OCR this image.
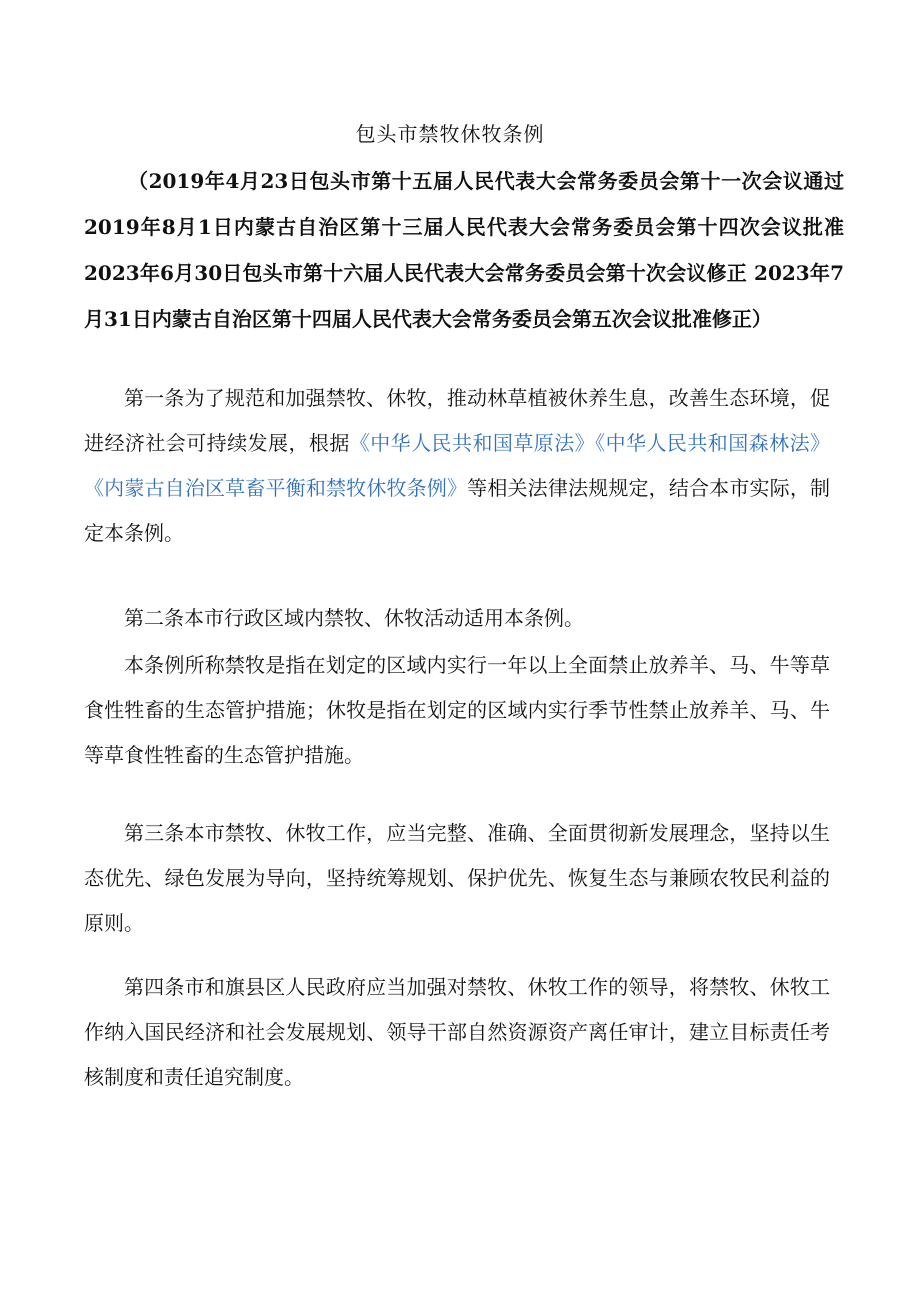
包头市禁牧休牧条例
（2019年4月23日包头市第十五届人民代表大会常务委员会第十一次会议通过 2019年8月1日内蒙古自治区第十三届人民代表大会常务委员会第十四次会议批准 2023年6月30日包头市第十六届人民代表大会常务委员会第十次会议修正 2023年7月31日内蒙古自治区第十四届人民代表大会常务委员会第五次会议批准修正）
第一条为了规范和加强禁牧、休牧，推动林草植被休养生息，改善生态环境，促进经济社会可持续发展，根据《中华人民共和国草原法》《中华人民共和国森林法》《内蒙古自治区草畜平衡和禁牧休牧条例》等相关法律法规规定，结合本市实际，制定本条例。
第二条本市行政区域内禁牧、休牧活动适用本条例。
本条例所称禁牧是指在划定的区域内实行一年以上全面禁止放养羊、马、牛等草食性牲畜的生态管护措施；休牧是指在划定的区域内实行季节性禁止放养羊、马、牛等草食性牲畜的生态管护措施。
第三条本市禁牧、休牧工作，应当完整、准确、全面贯彻新发展理念，坚持以生态优先、绿色发展为导向，坚持统筹规划、保护优先、恢复生态与兼顾农牧民利益的原则。
第四条市和旗县区人民政府应当加强对禁牧、休牧工作的领导，将禁牧、休牧工作纳入国民经济和社会发展规划、领导干部自然资源资产离任审计，建立目标责任考核制度和责任追究制度。
